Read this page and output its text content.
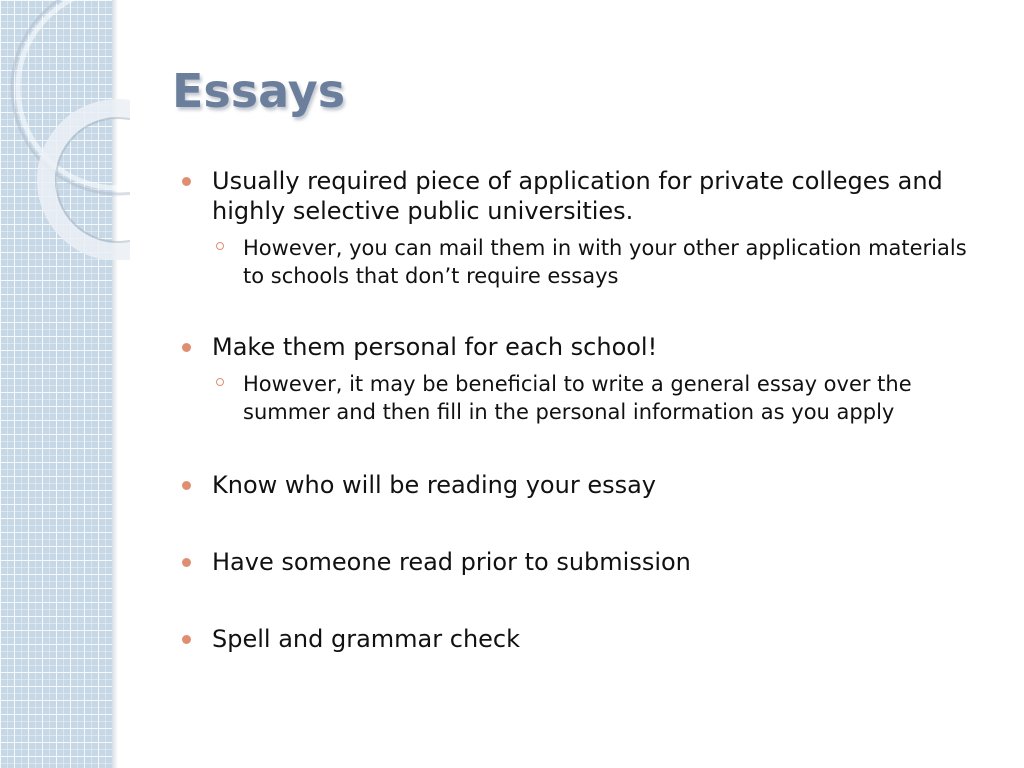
Essays
Usually required piece of application for private colleges and highly selective public universities.
However, you can mail them in with your other application materials to schools that don’t require essays
Make them personal for each school!
However, it may be beneficial to write a general essay over the summer and then fill in the personal information as you apply
Know who will be reading your essay
Have someone read prior to submission
Spell and grammar check
